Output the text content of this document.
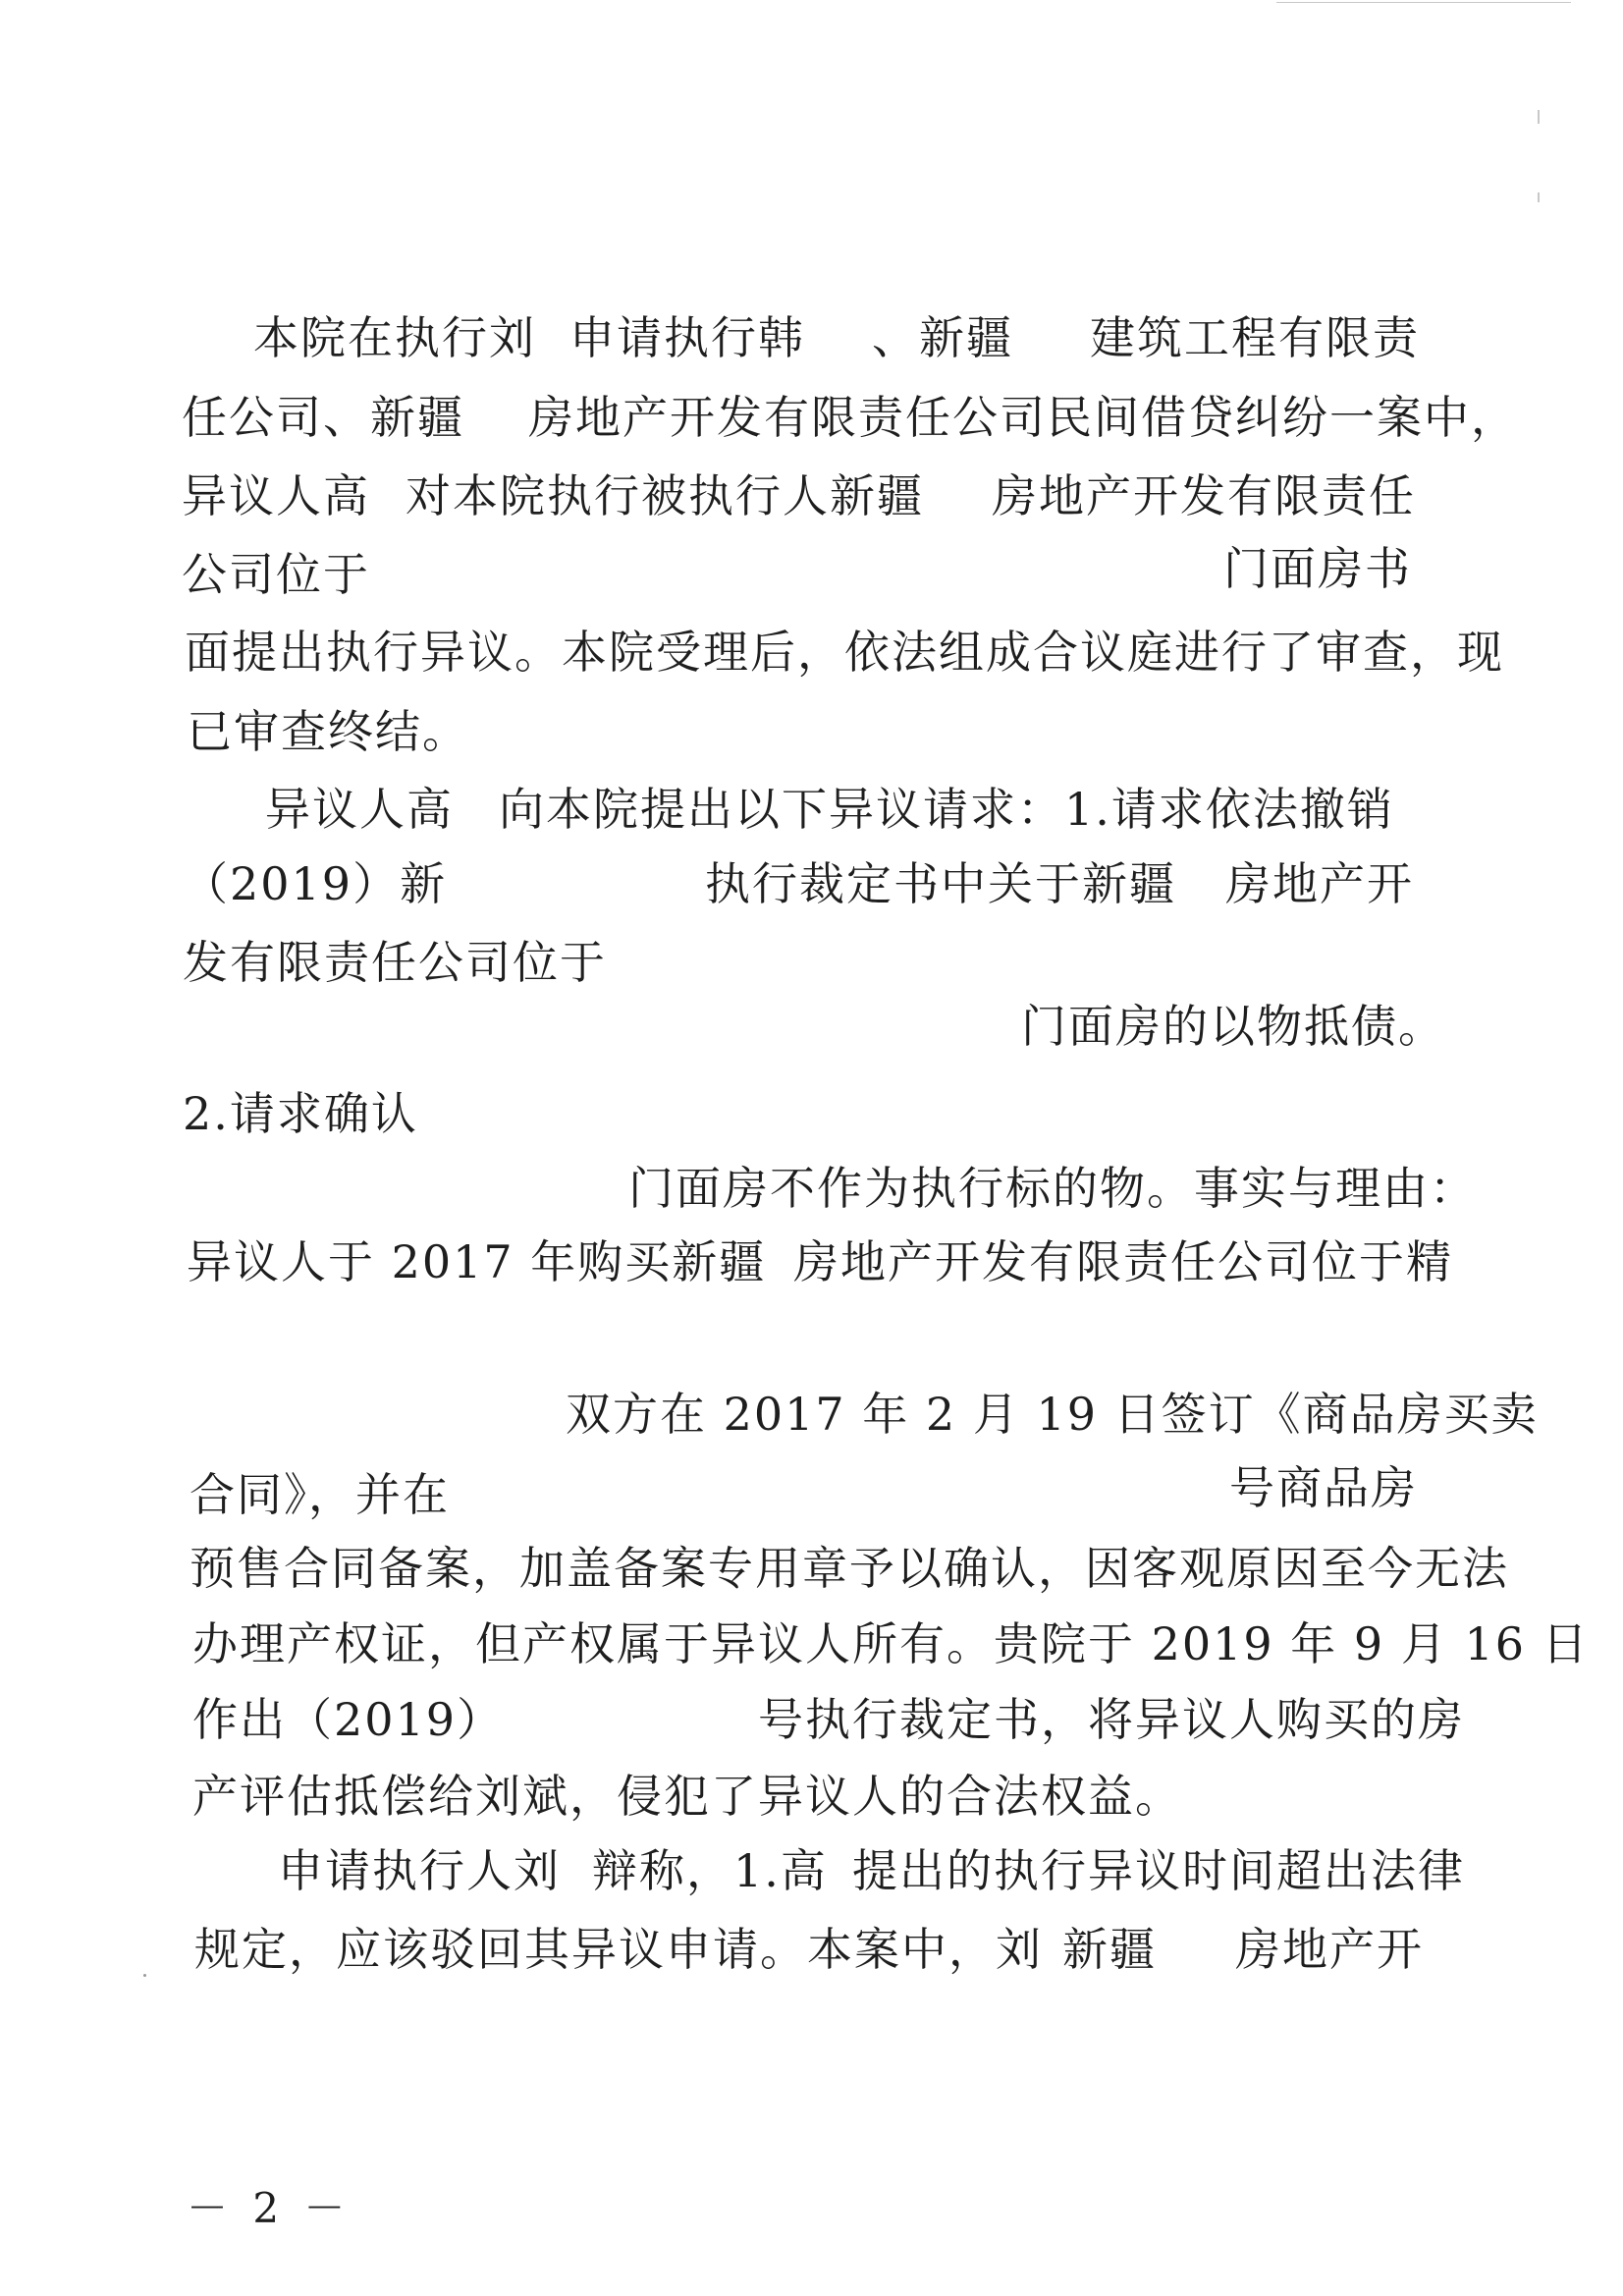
本院在执行刘 申请执行韩 、新疆 建筑工程有限责
任公司、新疆 房地产开发有限责任公司民间借贷纠纷一案中，
异议人高 对本院执行被执行人新疆 房地产开发有限责任
公司位于	门面房书
面提出执行异议。本院受理后，依法组成合议庭进行了审查，现
已审查终结。
异议人高 向本院提出以下异议请求：1.请求依法撤销
（2019）新	执行裁定书中关于新疆 房地产开
发有限责任公司位于
门面房的以物抵债。
2.请求确认
门面房不作为执行标的物。事实与理由：
异议人于 2017 年购买新疆 房地产开发有限责任公司位于精
双方在 2017 年 2 月 19 日签订《商品房买卖
合同》，并在	号商品房
预售合同备案，加盖备案专用章予以确认，因客观原因至今无法
办理产权证，但产权属于异议人所有。贵院于 2019 年 9 月 16 日
作出（2019）	号执行裁定书，将异议人购买的房
产评估抵偿给刘斌，侵犯了异议人的合法权益。
申请执行人刘 辩称，1.高 提出的执行异议时间超出法律
规定，应该驳回其异议申请。本案中，刘 新疆 房地产开
－ 2 －
